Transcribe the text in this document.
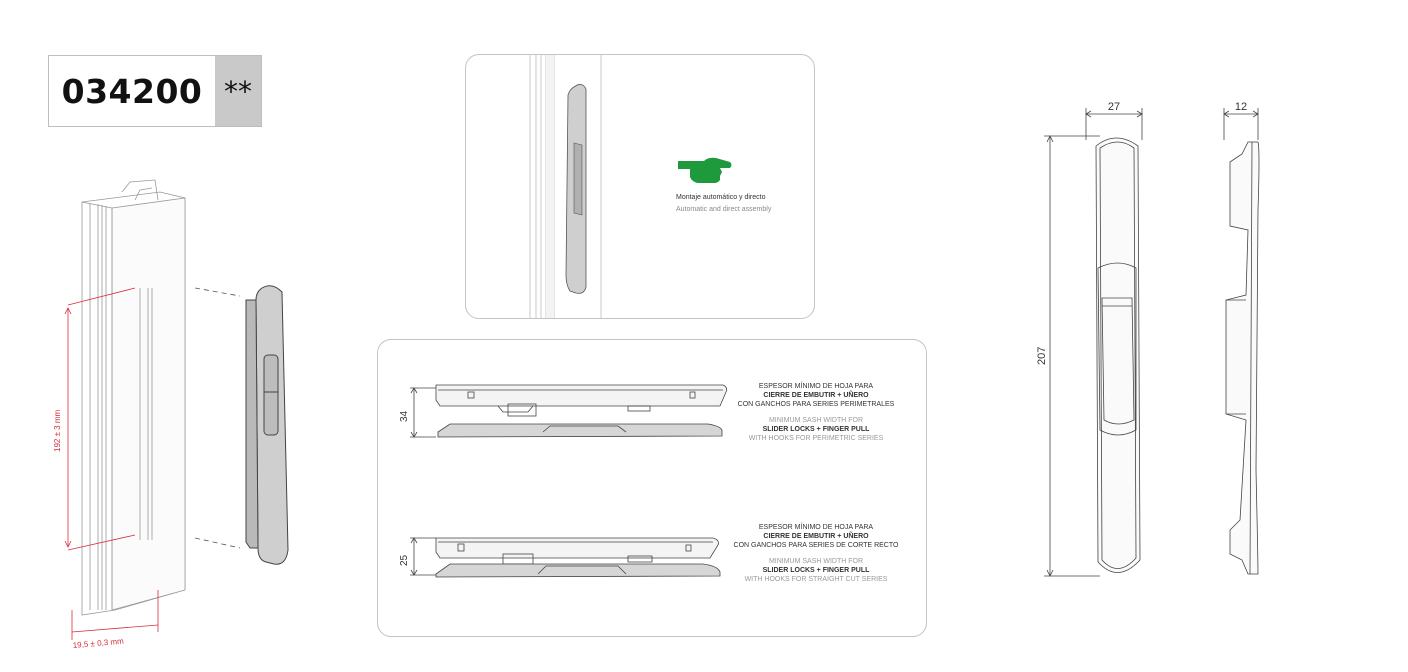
034200 **
192 ± 3 mm
19,5 ± 0,3 mm
Montaje automático y directo
Automatic and direct assembly
34
25
ESPESOR MÍNIMO DE HOJA PARA
CIERRE DE EMBUTIR + UÑERO
CON GANCHOS PARA SERIES PERIMETRALES
MINIMUM SASH WIDTH FOR
SLIDER LOCKS + FINGER PULL
WITH HOOKS FOR PERIMETRIC SERIES
ESPESOR MÍNIMO DE HOJA PARA
CIERRE DE EMBUTIR + UÑERO
CON GANCHOS PARA SERIES DE CORTE RECTO
MINIMUM SASH WIDTH FOR
SLIDER LOCKS + FINGER PULL
WITH HOOKS FOR STRAIGHT CUT SERIES
27	12
207
